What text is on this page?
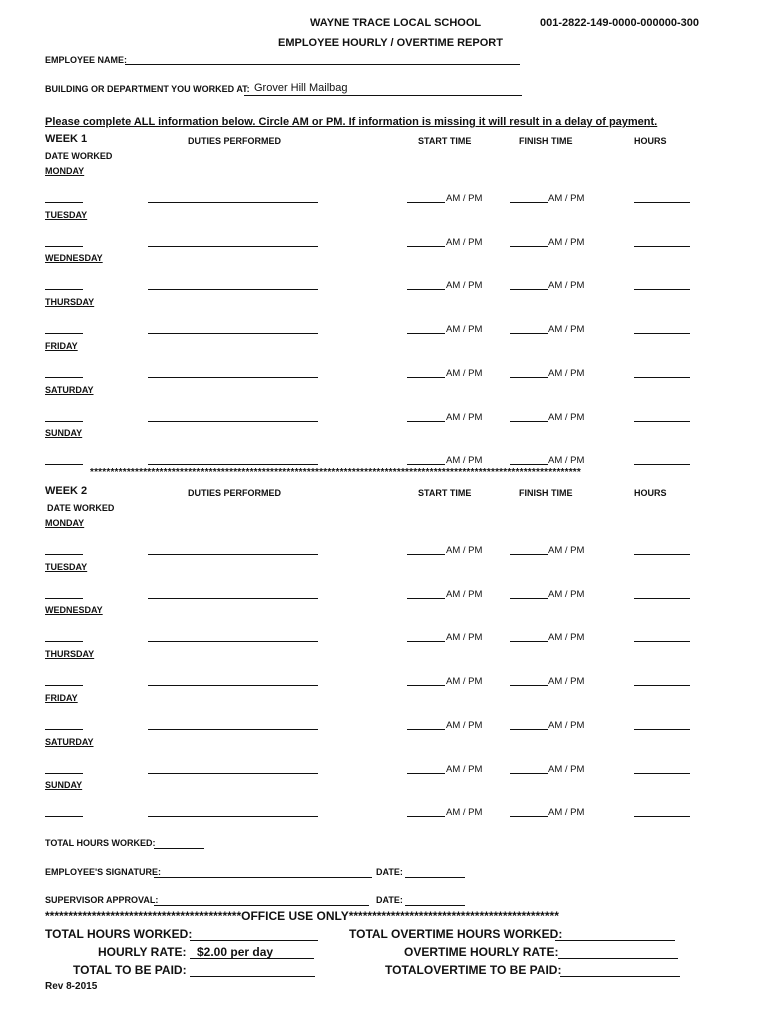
WAYNE TRACE LOCAL SCHOOL	001-2822-149-0000-000000-300
EMPLOYEE HOURLY / OVERTIME REPORT
EMPLOYEE NAME:
BUILDING OR DEPARTMENT YOU WORKED AT: Grover Hill Mailbag
Please complete ALL information below. Circle AM or PM. If information is missing it will result in a delay of payment.
WEEK 1	DUTIES PERFORMED	START TIME	FINISH TIME	HOURS
DATE WORKED
MONDAY
AM / PM	AM / PM
TUESDAY
AM / PM	AM / PM
WEDNESDAY
AM / PM	AM / PM
THURSDAY
AM / PM	AM / PM
FRIDAY
AM / PM	AM / PM
SATURDAY
AM / PM	AM / PM
SUNDAY
AM / PM	AM / PM
WEEK 2	DUTIES PERFORMED	START TIME	FINISH TIME	HOURS
DATE WORKED
MONDAY
AM / PM	AM / PM
TUESDAY
AM / PM	AM / PM
WEDNESDAY
AM / PM	AM / PM
THURSDAY
AM / PM	AM / PM
FRIDAY
AM / PM	AM / PM
SATURDAY
AM / PM	AM / PM
SUNDAY
AM / PM	AM / PM
************************************************************************************************************************
TOTAL HOURS WORKED:
EMPLOYEE'S SIGNATURE:	DATE:
SUPERVISOR APPROVAL:	DATE:
******************************************OFFICE USE ONLY*********************************************
TOTAL HOURS WORKED:
HOURLY RATE: $2.00 per day
TOTAL TO BE PAID:
TOTAL OVERTIME HOURS WORKED:
OVERTIME HOURLY RATE:
TOTALOVERTIME TO BE PAID:
Rev 8-2015
